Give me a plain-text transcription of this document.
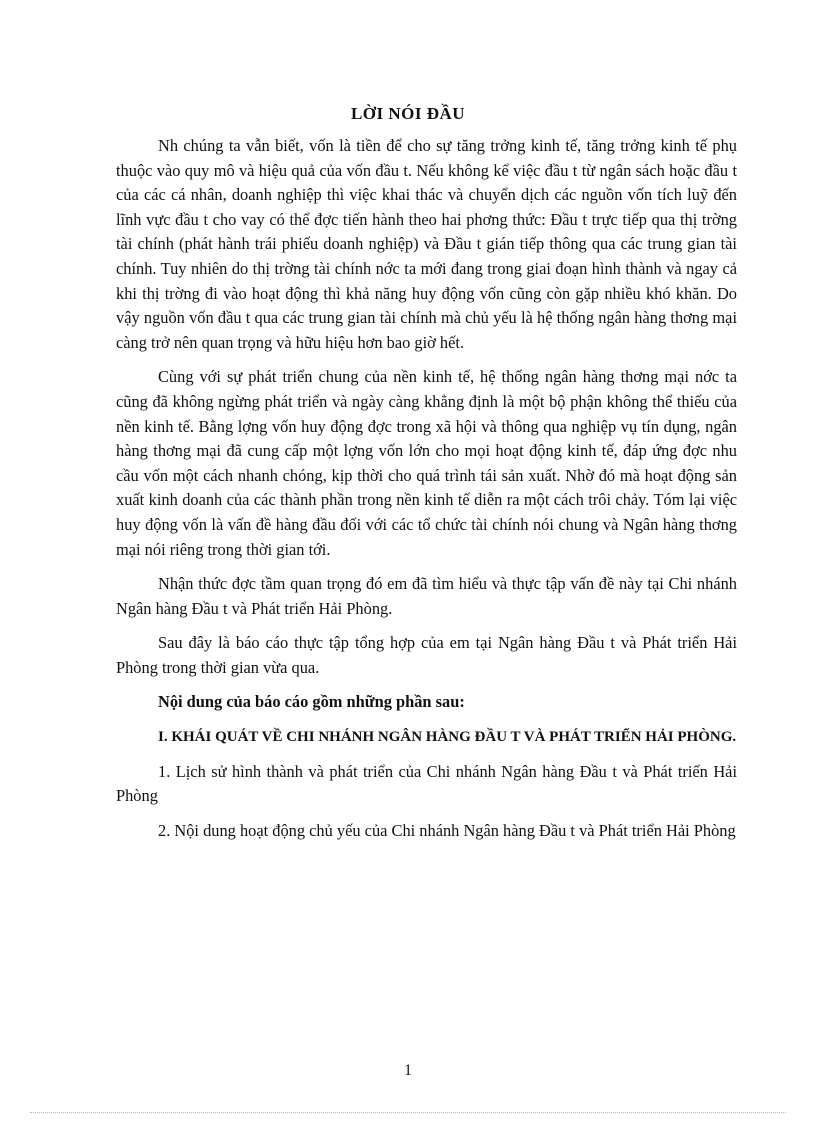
LỜI NÓI ĐẦU

Nh chúng ta vẫn biết, vốn là tiền để cho sự tăng trởng kinh tế, tăng trởng kinh tế phụ thuộc vào quy mô và hiệu quả của vốn đầu t. Nếu không kể việc đầu t từ ngân sách hoặc đầu t của các cá nhân, doanh nghiệp thì việc khai thác và chuyển dịch các nguồn vốn tích luỹ đến lĩnh vực đầu t cho vay có thể đợc tiến hành theo hai phơng thức: Đầu t trực tiếp qua thị trờng tài chính (phát hành trái phiếu doanh nghiệp) và Đầu t gián tiếp thông qua các trung gian tài chính. Tuy nhiên do thị trờng tài chính nớc ta mới đang trong giai đoạn hình thành và ngay cả khi thị trờng đi vào hoạt động thì khả năng huy động vốn cũng còn gặp nhiều khó khăn. Do vậy nguồn vốn đầu t qua các trung gian tài chính mà chủ yếu là hệ thống ngân hàng thơng mại càng trở nên quan trọng và hữu hiệu hơn bao giờ hết.

Cùng với sự phát triển chung của nền kinh tế, hệ thống ngân hàng thơng mại nớc ta cũng đã không ngừng phát triển và ngày càng khẳng định là một bộ phận không thể thiếu của nền kinh tế. Bằng lợng vốn huy động đợc trong xã hội và thông qua nghiệp vụ tín dụng, ngân hàng thơng mại đã cung cấp một lợng vốn lớn cho mọi hoạt động kinh tế, đáp ứng đợc nhu cầu vốn một cách nhanh chóng, kịp thời cho quá trình tái sản xuất. Nhờ đó mà hoạt động sản xuất kinh doanh của các thành phần trong nền kinh tế diễn ra một cách trôi chảy. Tóm lại việc huy động vốn là vấn đề hàng đầu đối với các tổ chức tài chính nói chung và Ngân hàng thơng mại nói riêng trong thời gian tới.

Nhận thức đợc tầm quan trọng đó em đã tìm hiểu và thực tập vấn đề này tại Chi nhánh Ngân hàng Đầu t và Phát triển Hải Phòng.

Sau đây là báo cáo thực tập tổng hợp của em tại Ngân hàng Đầu t và Phát triển Hải Phòng trong thời gian vừa qua.

Nội dung của báo cáo gồm những phần sau:

I. KHÁI QUÁT VỀ CHI NHÁNH NGÂN HÀNG ĐẦU T VÀ PHÁT TRIỂN HẢI PHÒNG.

1. Lịch sử hình thành và phát triển của Chi nhánh Ngân hàng Đầu t và Phát triển Hải Phòng

2. Nội dung hoạt động chủ yếu của Chi nhánh Ngân hàng Đầu t và Phát triển Hải Phòng

1
